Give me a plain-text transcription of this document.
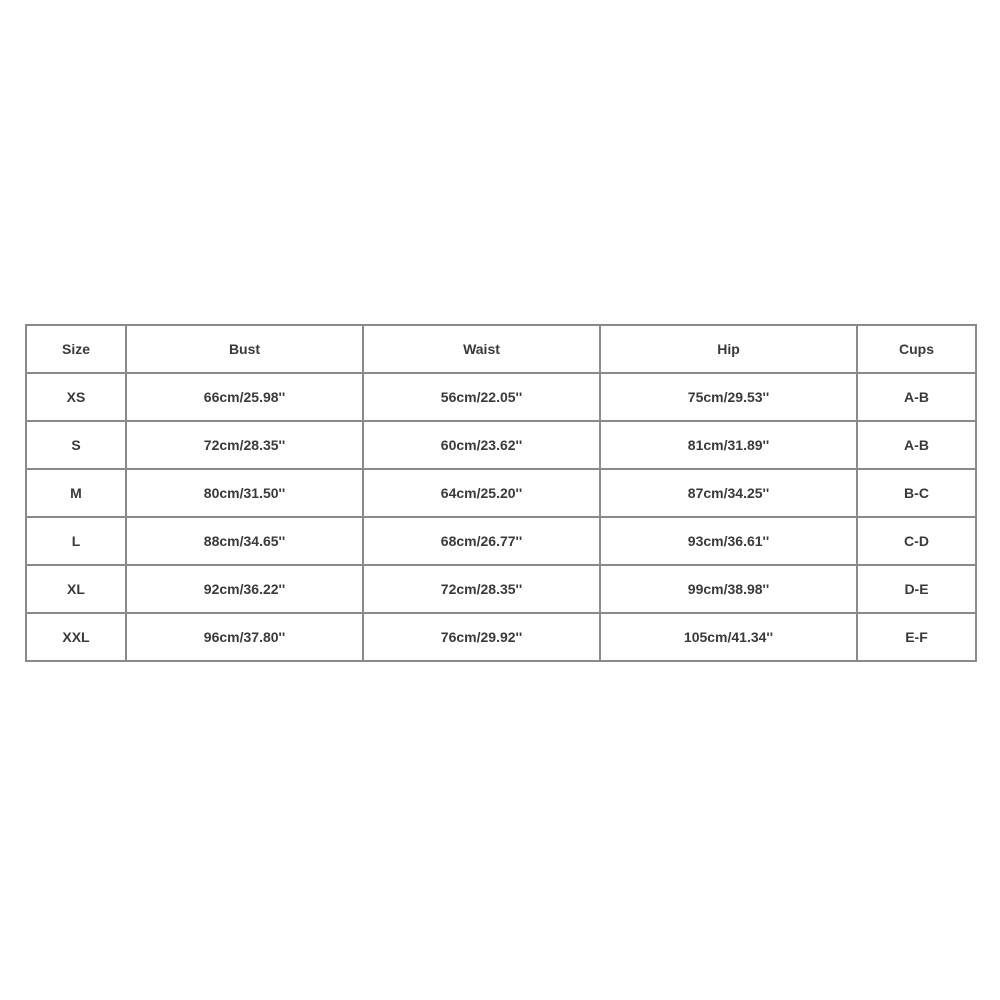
Size	Bust	Waist	Hip	Cups
XS	66cm/25.98''	56cm/22.05''	75cm/29.53''	A-B
S	72cm/28.35''	60cm/23.62''	81cm/31.89''	A-B
M	80cm/31.50''	64cm/25.20''	87cm/34.25''	B-C
L	88cm/34.65''	68cm/26.77''	93cm/36.61''	C-D
XL	92cm/36.22''	72cm/28.35''	99cm/38.98''	D-E
XXL	96cm/37.80''	76cm/29.92''	105cm/41.34''	E-F
